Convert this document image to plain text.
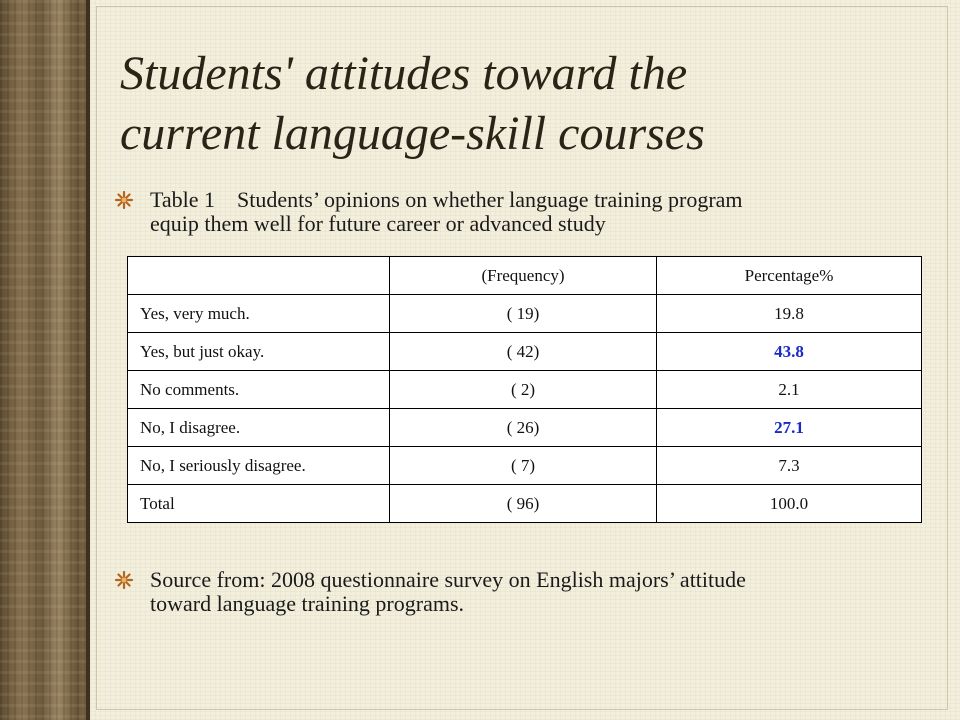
Students' attitudes toward the
current language-skill courses
Table 1    Students’ opinions on whether language training program
equip them well for future career or advanced study
	(Frequency)	Percentage%
Yes, very much.	( 19)	19.8
Yes, but just okay.	( 42)	43.8
No comments.	( 2)	2.1
No, I disagree.	( 26)	27.1
No, I seriously disagree.	( 7)	7.3
Total	( 96)	100.0
Source from: 2008 questionnaire survey on English majors’ attitude
toward language training programs.
